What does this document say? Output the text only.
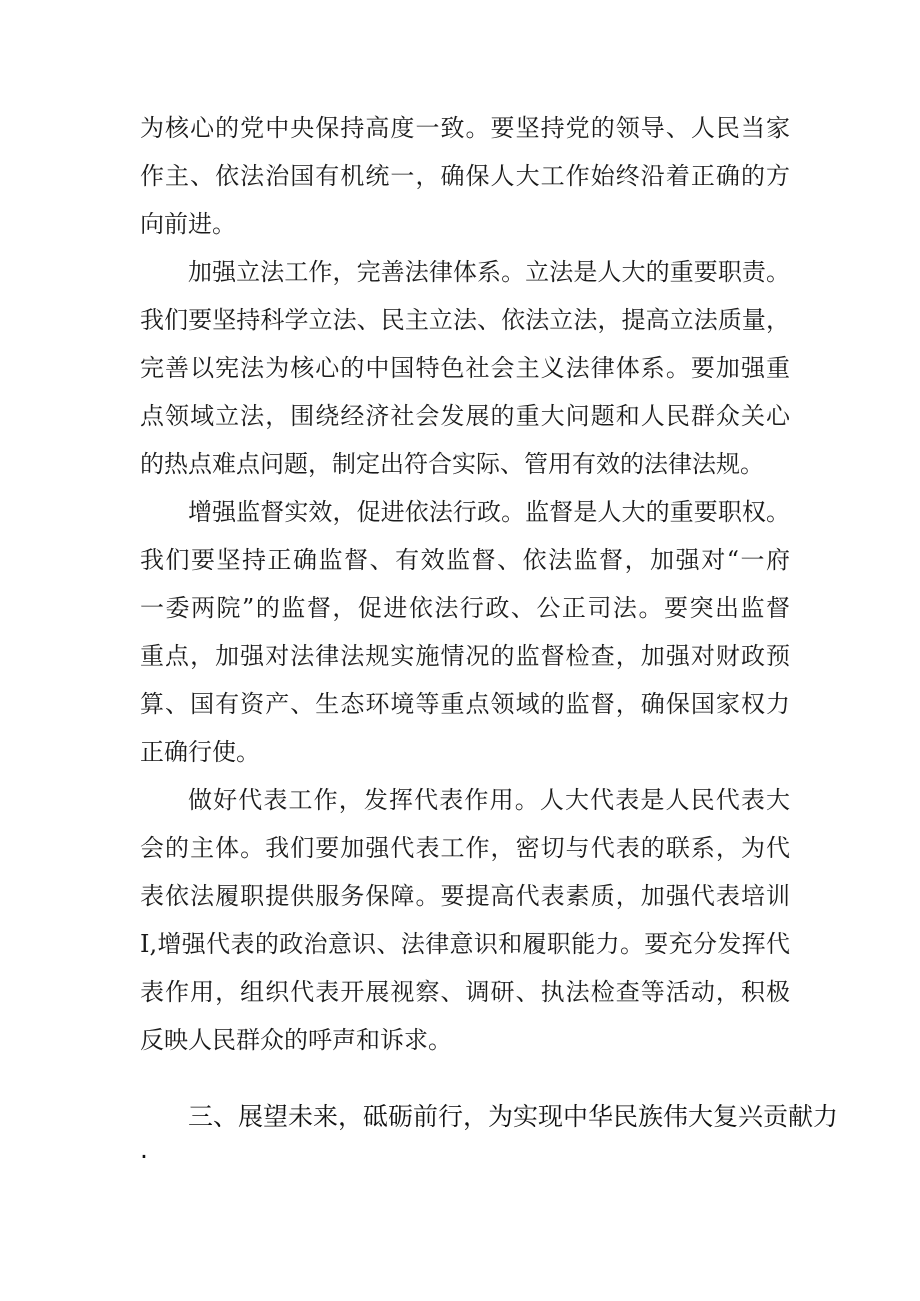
为核心的党中央保持高度一致。要坚持党的领导、人民当家
作主、依法治国有机统一，确保人大工作始终沿着正确的方
向前进。
加强立法工作，完善法律体系。立法是人大的重要职责。
我们要坚持科学立法、民主立法、依法立法，提高立法质量，
完善以宪法为核心的中国特色社会主义法律体系。要加强重
点领域立法，围绕经济社会发展的重大问题和人民群众关心
的热点难点问题，制定出符合实际、管用有效的法律法规。
增强监督实效，促进依法行政。监督是人大的重要职权。
我们要坚持正确监督、有效监督、依法监督，加强对“一府
一委两院”的监督，促进依法行政、公正司法。要突出监督
重点，加强对法律法规实施情况的监督检查，加强对财政预
算、国有资产、生态环境等重点领域的监督，确保国家权力
正确行使。
做好代表工作，发挥代表作用。人大代表是人民代表大
会的主体。我们要加强代表工作，密切与代表的联系，为代
表依法履职提供服务保障。要提高代表素质，加强代表培训
I,增强代表的政治意识、法律意识和履职能力。要充分发挥代
表作用，组织代表开展视察、调研、执法检查等活动，积极
反映人民群众的呼声和诉求。
三、展望未来，砥砺前行，为实现中华民族伟大复兴贡献力
·
